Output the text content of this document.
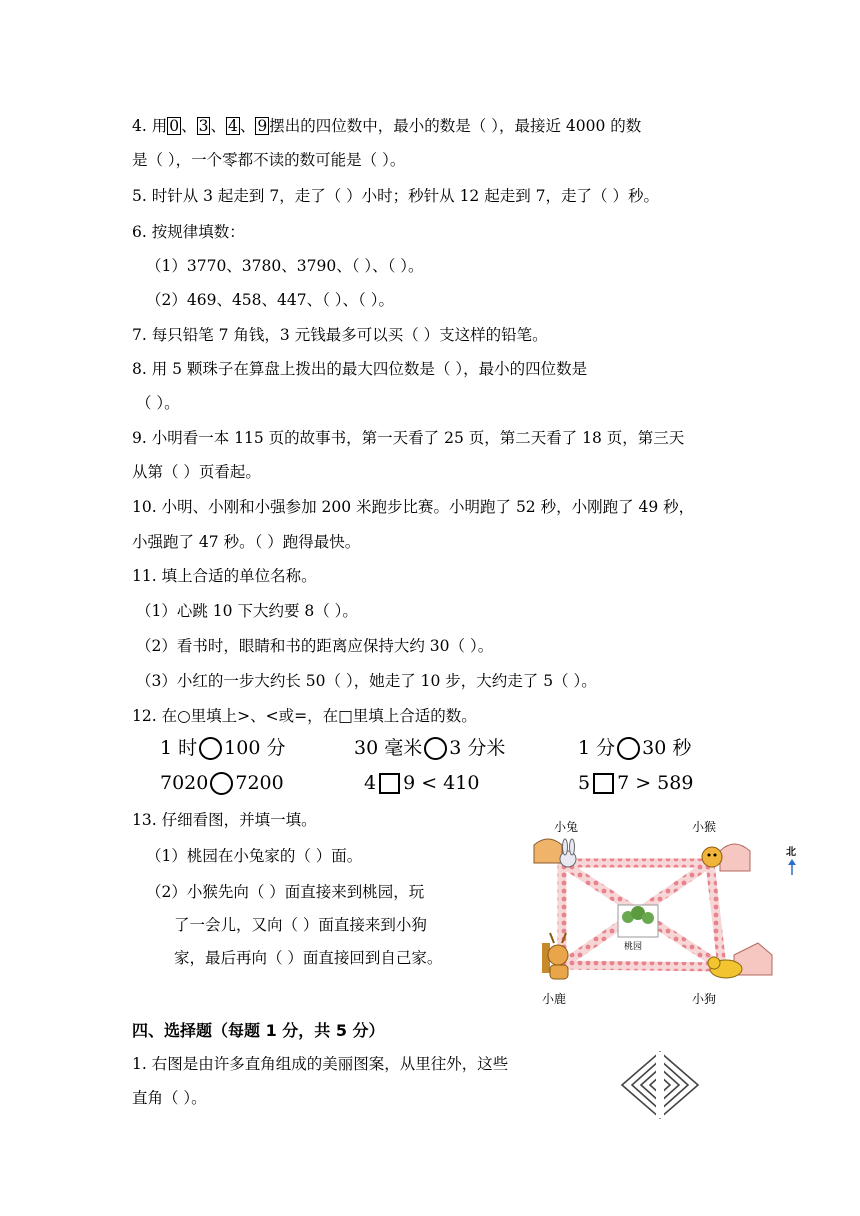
4. 用 0 、 3 、 4 、 9 摆出的四位数中，最小的数是（ ），最接近 4000 的数
是（ ），一个零都不读的数可能是（ ）。
5. 时针从 3 起走到 7，走了（ ）小时；秒针从 12 起走到 7，走了（ ）秒。
6. 按规律填数：
（1）3770、3780、3790、（ ）、（ ）。
（2）469、458、447、（ ）、（ ）。
7. 每只铅笔 7 角钱，3 元钱最多可以买（ ）支这样的铅笔。
8. 用 5 颗珠子在算盘上拨出的最大四位数是（ ），最小的四位数是
（ ）。
9. 小明看一本 115 页的故事书，第一天看了 25 页，第二天看了 18 页，第三天
从第（ ）页看起。
10. 小明、小刚和小强参加 200 米跑步比赛。小明跑了 52 秒，小刚跑了 49 秒，
小强跑了 47 秒。（ ）跑得最快。
11. 填上合适的单位名称。
（1）心跳 10 下大约要 8（ ）。
（2）看书时，眼睛和书的距离应保持大约 30（ ）。
（3）小红的一步大约长 50（ ），她走了 10 步，大约走了 5（ ）。
12. 在○里填上>、<或=，在□里填上合适的数。
1 时 100 分	30 毫米 3 分米	1 分 30 秒
7020 7200	4 9 < 410	5 7 > 589
13. 仔细看图，并填一填。
（1）桃园在小兔家的（ ）面。
（2）小猴先向（ ）面直接来到桃园，玩
了一会儿，又向（ ）面直接来到小狗
家，最后再向（ ）面直接回到自己家。
桃园
小兔	小猴
小鹿	小狗
北
四、选择题（每题 1 分，共 5 分）
1. 右图是由许多直角组成的美丽图案，从里往外，这些
直角（ ）。
